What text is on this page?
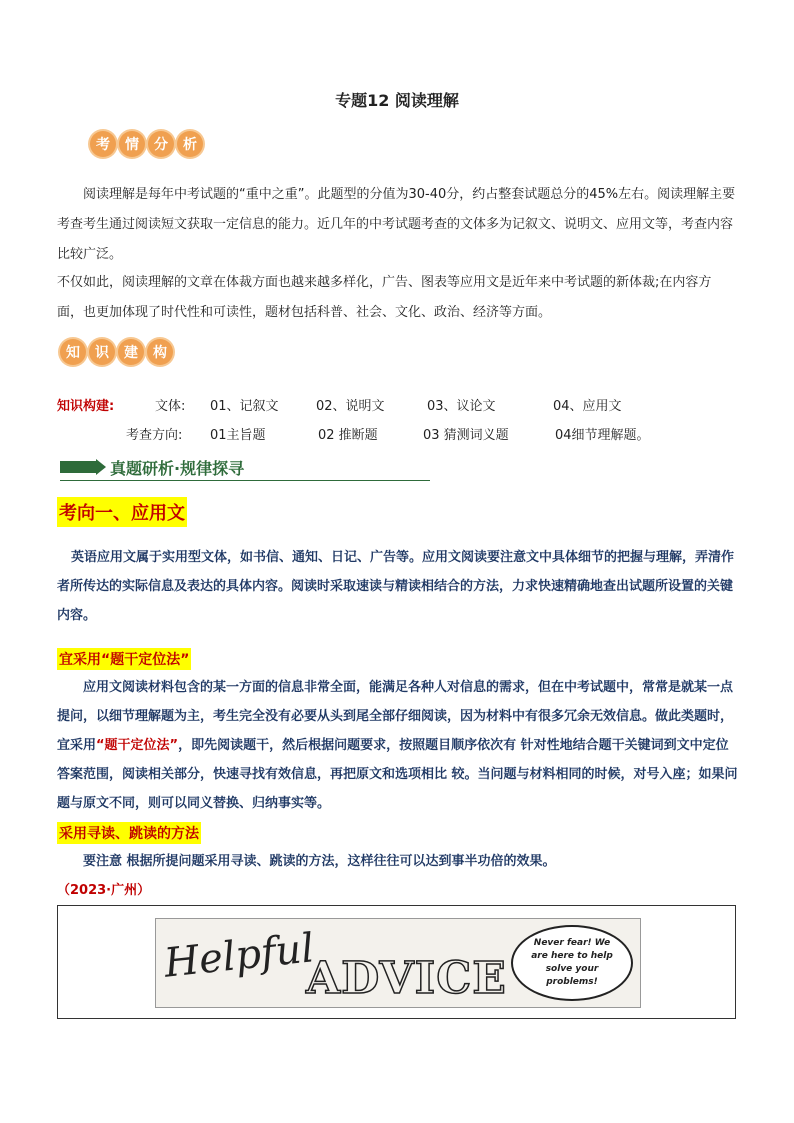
专题12 阅读理解
考	情	分	析
阅读理解是每年中考试题的“重中之重”。此题型的分值为30-40分，约占整套试题总分的45%左右。阅读理解主要考查考生通过阅读短文获取一定信息的能力。近几年的中考试题考查的文体多为记叙文、说明文、应用文等，考查内容比较广泛。
不仅如此，阅读理解的文章在体裁方面也越来越多样化，广告、图表等应用文是近年来中考试题的新体裁;在内容方面，也更加体现了时代性和可读性，题材包括科普、社会、文化、政治、经济等方面。
知	识	建	构
知识构建:	文体: 01、记叙文	02、说明文	03、议论文	04、应用文
考查方向: 01主旨题	02 推断题	03 猜测词义题	04细节理解题。
真题研析·规律探寻
考向一、应用文
英语应用文属于实用型文体，如书信、通知、日记、广告等。应用文阅读要注意文中具体细节的把握与理解，弄清作者所传达的实际信息及表达的具体内容。阅读时采取速读与精读相结合的方法，力求快速精确地查出试题所设置的关键内容。
宜采用“题干定位法”
应用文阅读材料包含的某一方面的信息非常全面，能满足各种人对信息的需求，但在中考试题中，常常是就某一点提问，以细节理解题为主，考生完全没有必要从头到尾全部仔细阅读，因为材料中有很多冗余无效信息。做此类题时，宜采用“题干定位法”，即先阅读题干，然后根据问题要求，按照题目顺序依次有 针对性地结合题干关键词到文中定位答案范围，阅读相关部分，快速寻找有效信息，再把原文和选项相比 较。当问题与材料相同的时候，对号入座；如果问题与原文不同，则可以同义替换、归纳事实等。
采用寻读、跳读的方法
要注意 根据所提问题采用寻读、跳读的方法，这样往往可以达到事半功倍的效果。
（2023·广州）
Helpful
ADVICE
Never fear! We are here to help solve your problems!
